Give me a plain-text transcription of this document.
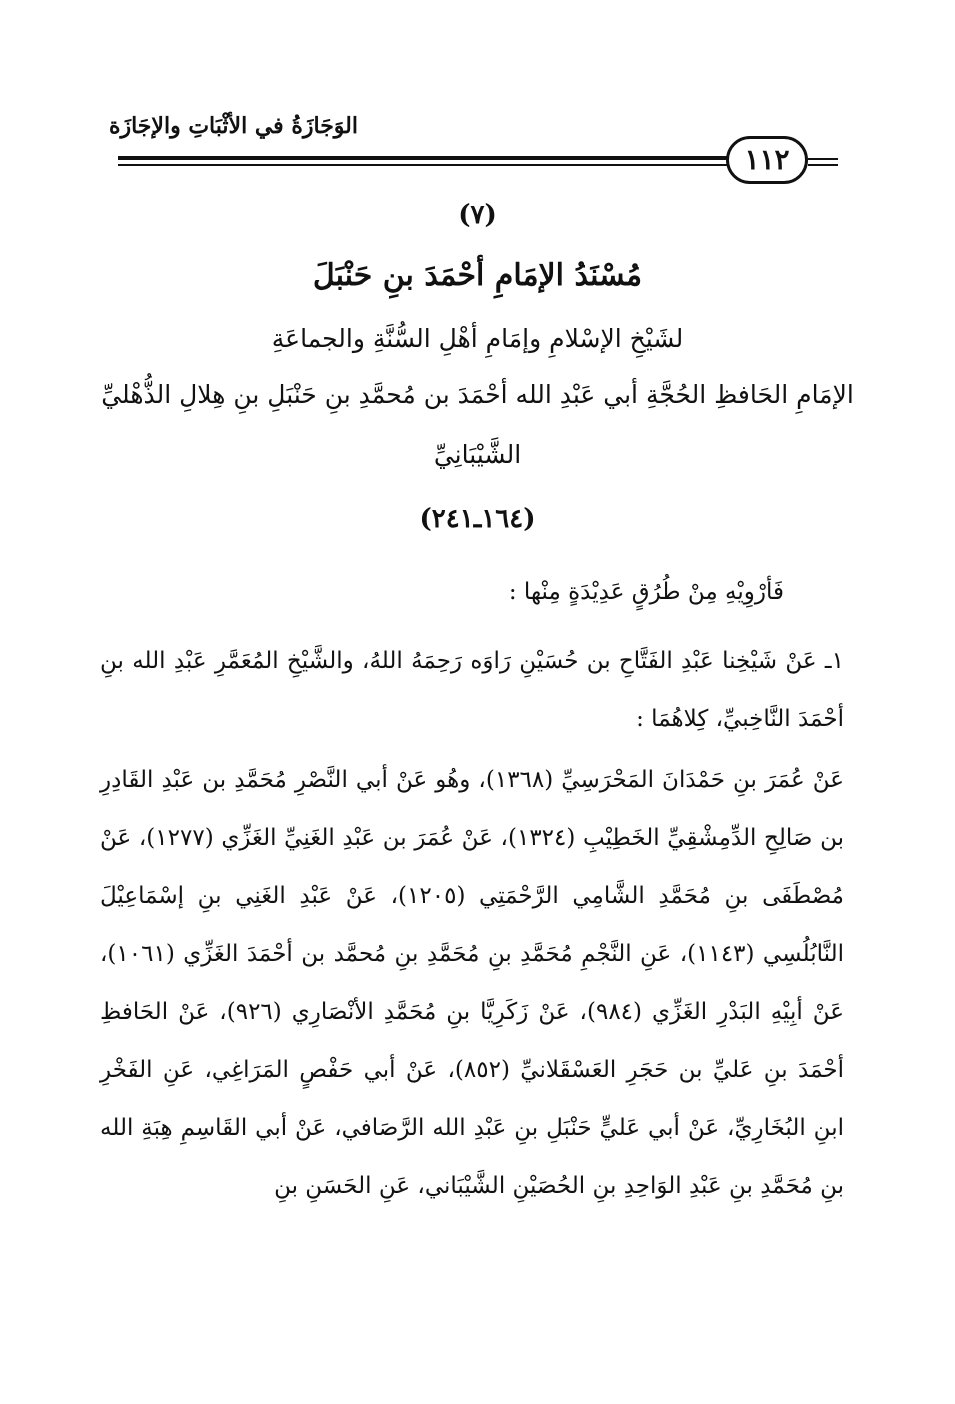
الوَجَازَةُ في الأثْبَاتِ والإجَازَة
١١٢
(٧)
مُسْنَدُ الإمَامِ أحْمَدَ بنِ حَنْبَلَ
لشَيْخِ الإسْلامِ وإمَامِ أهْلِ السُّنَّةِ والجماعَةِ
الإمَامِ الحَافظِ الحُجَّةِ أبي عَبْدِ الله أحْمَدَ بن مُحمَّدِ بنِ حَنْبَلِ بنِ هِلالِ الذُّهْليِّ
الشَّيْبَانِيِّ
(١٦٤ـ٢٤١)
فَأرْوِيْهِ مِنْ طُرُقٍ عَدِيْدَةٍ مِنْها :
١ـ عَنْ شَيْخِنا عَبْدِ الفَتَّاحِ بن حُسَيْنِ رَاوَه رَحِمَهُ اللهُ، والشَّيْخِ المُعَمَّرِ عَبْدِ الله بنِ أحْمَدَ النَّاخِبيِّ، كِلاهُمَا :
عَنْ عُمَرَ بنِ حَمْدَانَ المَحْرَسِيِّ (١٣٦٨)، وهُو عَنْ أبي النَّصْرِ مُحَمَّدِ بن عَبْدِ القَادِرِ بن صَالِحِ الدِّمِشْقِيِّ الخَطِيْبِ (١٣٢٤)، عَنْ عُمَرَ بن عَبْدِ الغَنِيِّ الغَزِّي (١٢٧٧)، عَنْ مُصْطَفَى بنِ مُحَمَّدِ الشَّامِي الرَّحْمَتِي (١٢٠٥)، عَنْ عَبْدِ الغَنِي بنِ إسْمَاعِيْلَ النَّابُلُسِي (١١٤٣)، عَنِ النَّجْمِ مُحَمَّدِ بنِ مُحَمَّدِ بنِ مُحمَّد بن أحْمَدَ الغَزِّي (١٠٦١)، عَنْ أبِيْهِ البَدْرِ الغَزِّي (٩٨٤)، عَنْ زَكَرِيَّا بنِ مُحَمَّدِ الأنْصَارِي (٩٢٦)، عَنْ الحَافظِ أحْمَدَ بنِ عَليِّ بن حَجَرِ العَسْقَلانيِّ (٨٥٢)، عَنْ أبي حَفْصٍ المَرَاغِي، عَنِ الفَخْرِ ابنِ البُخَارِيِّ، عَنْ أبي عَليٍّ حَنْبَلِ بنِ عَبْدِ الله الرَّصَافي، عَنْ أبي القَاسِمِ هِبَةِ الله بنِ مُحَمَّدِ بنِ عَبْدِ الوَاحِدِ بنِ الحُصَيْنِ الشَّيْبَاني، عَنِ الحَسَنِ بنِ
